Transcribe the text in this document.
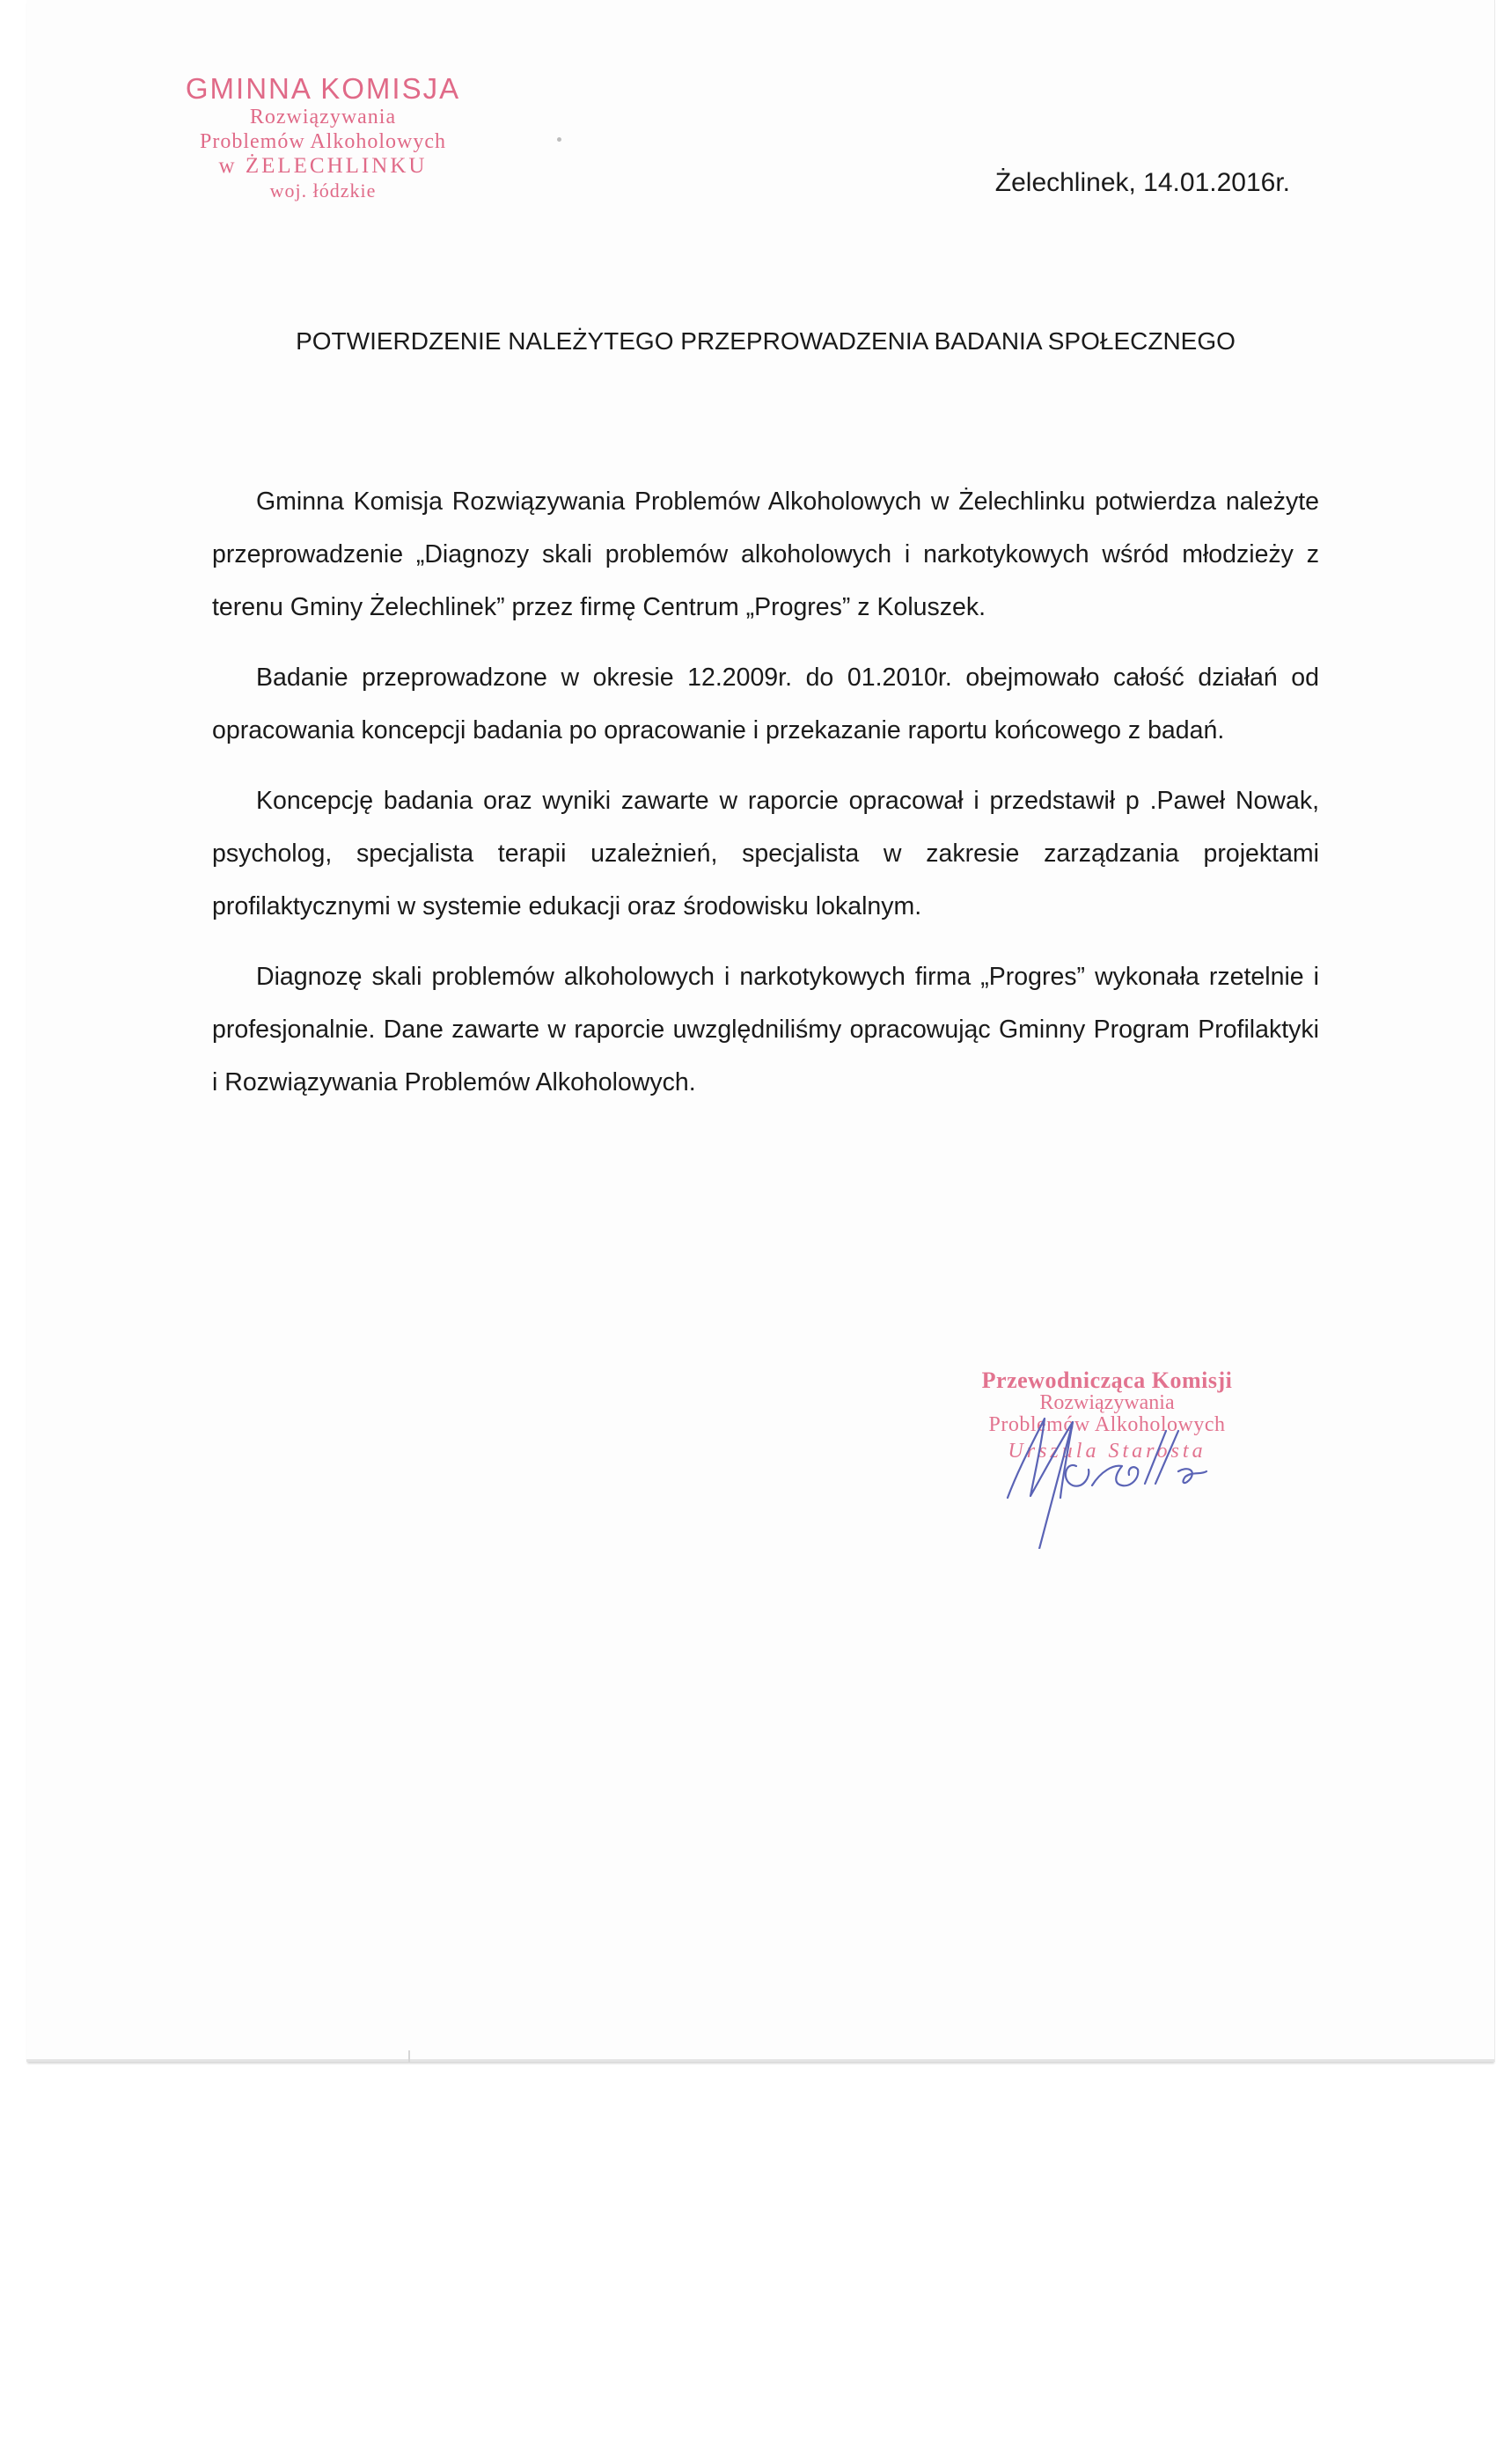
GMINNA KOMISJA
Rozwiązywania
Problemów Alkoholowych
w ŻELECHLINKU
woj. łódzkie	Żelechlinek, 14.01.2016r.
POTWIERDZENIE NALEŻYTEGO PRZEPROWADZENIA BADANIA SPOŁECZNEGO

Gminna Komisja Rozwiązywania Problemów Alkoholowych w Żelechlinku potwierdza należyte przeprowadzenie „Diagnozy skali problemów alkoholowych i narkotykowych wśród młodzieży z terenu Gminy Żelechlinek” przez firmę Centrum „Progres” z Koluszek.

Badanie przeprowadzone w okresie 12.2009r. do 01.2010r. obejmowało całość działań od opracowania koncepcji badania po opracowanie i przekazanie raportu końcowego z badań.

Koncepcję badania oraz wyniki zawarte w raporcie opracował i przedstawił p .Paweł Nowak, psycholog, specjalista terapii uzależnień, specjalista w zakresie zarządzania projektami profilaktycznymi w systemie edukacji oraz środowisku lokalnym.

Diagnozę skali problemów alkoholowych i narkotykowych firma „Progres” wykonała rzetelnie i profesjonalnie. Dane zawarte w raporcie uwzględniliśmy opracowując Gminny Program Profilaktyki i Rozwiązywania Problemów Alkoholowych.

Przewodnicząca Komisji
Rozwiązywania
Problemów Alkoholowych
Urszula Starosta
